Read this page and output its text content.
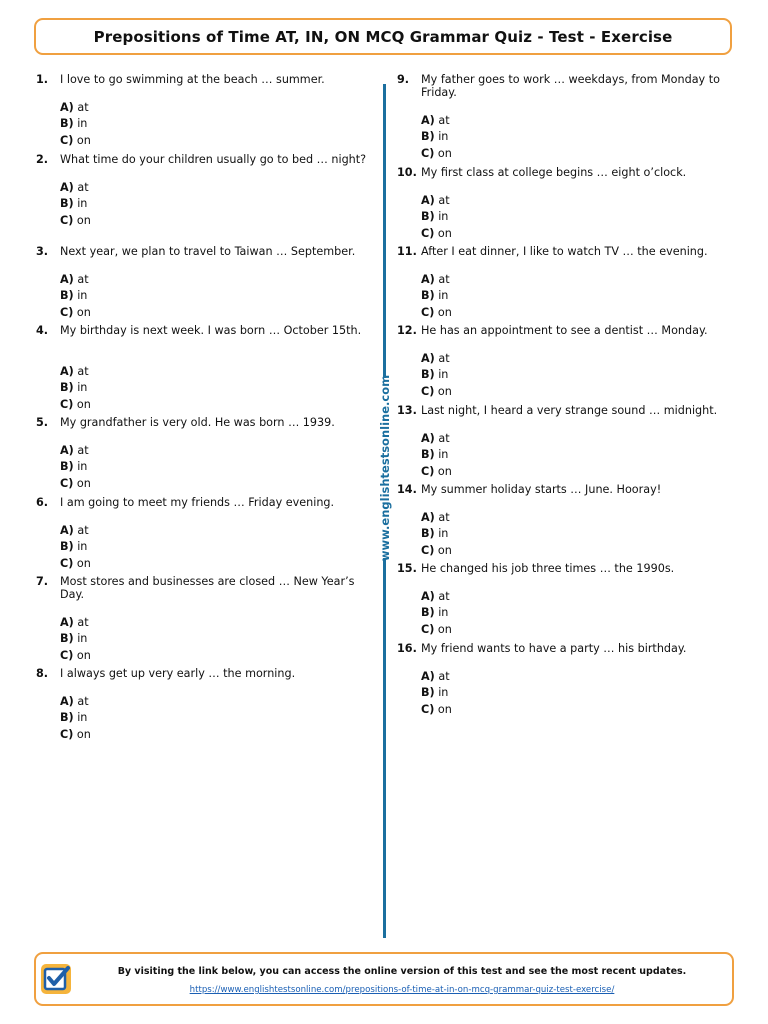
Prepositions of Time AT, IN, ON MCQ Grammar Quiz - Test - Exercise
1.	I love to go swimming at the beach … summer.
A) at
B) in
C) on
2.	What time do your children usually go to bed … night?
A) at
B) in
C) on
3.	Next year, we plan to travel to Taiwan … September.
A) at
B) in
C) on
4.	My birthday is next week. I was born … October 15th.
A) at
B) in
C) on
5.	My grandfather is very old. He was born … 1939.
A) at
B) in
C) on
6.	I am going to meet my friends … Friday evening.
A) at
B) in
C) on
7.	Most stores and businesses are closed … New Year’s Day.
A) at
B) in
C) on
8.	I always get up very early … the morning.
A) at
B) in
C) on
www.englishtestsonline.com
9.	My father goes to work … weekdays, from Monday to Friday.
A) at
B) in
C) on
10. My first class at college begins … eight o’clock.
A) at
B) in
C) on
11. After I eat dinner, I like to watch TV … the evening.
A) at
B) in
C) on
12. He has an appointment to see a dentist … Monday.
A) at
B) in
C) on
13. Last night, I heard a very strange sound … midnight.
A) at
B) in
C) on
14. My summer holiday starts … June. Hooray!
A) at
B) in
C) on
15. He changed his job three times … the 1990s.
A) at
B) in
C) on
16. My friend wants to have a party … his birthday.
A) at
B) in
C) on
By visiting the link below, you can access the online version of this test and see the most recent updates.
https://www.englishtestsonline.com/prepositions-of-time-at-in-on-mcq-grammar-quiz-test-exercise/
